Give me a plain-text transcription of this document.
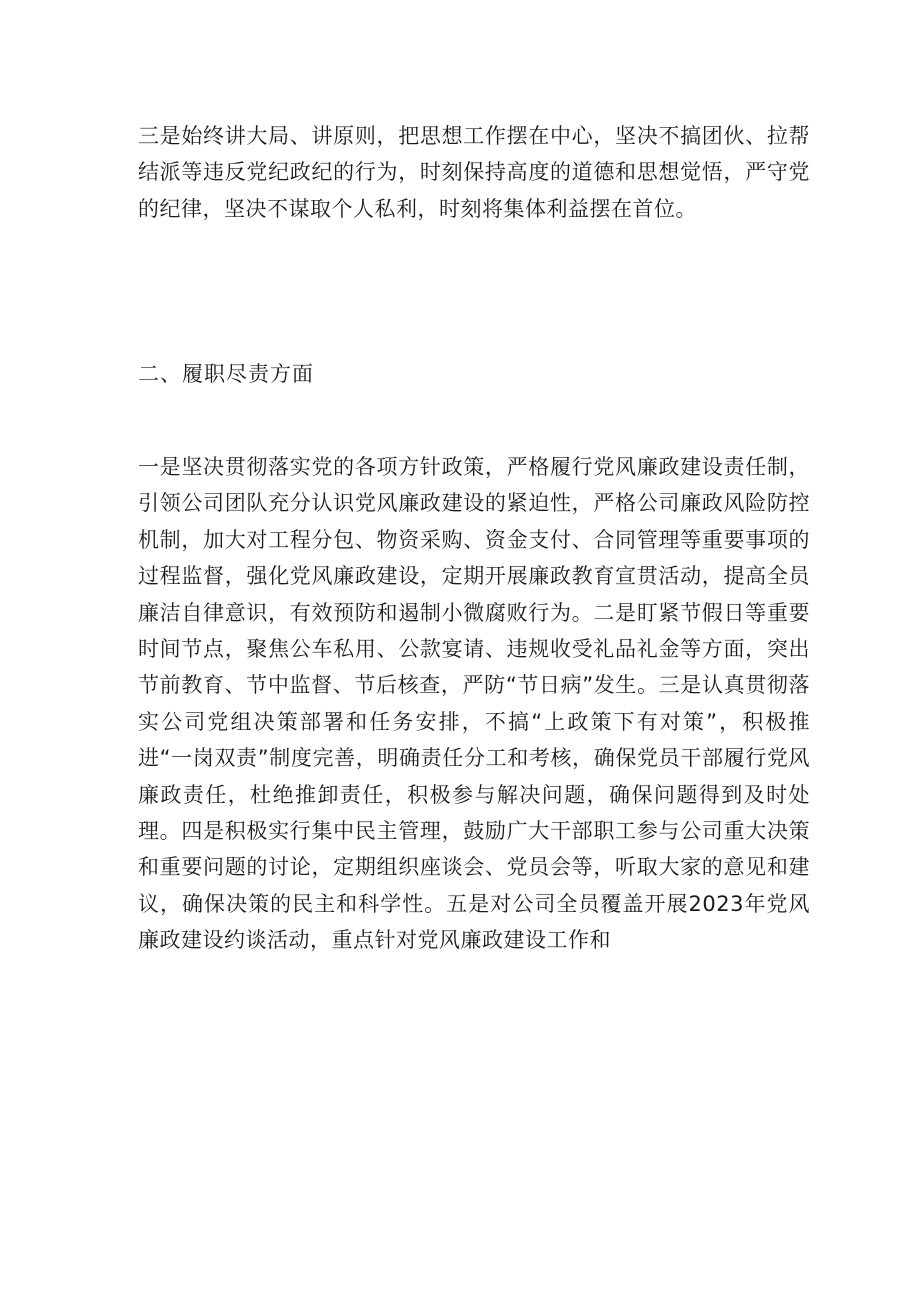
三是始终讲大局、讲原则，把思想工作摆在中心，坚决不搞团伙、拉帮结派等违反党纪政纪的行为，时刻保持高度的道德和思想觉悟，严守党的纪律，坚决不谋取个人私利，时刻将集体利益摆在首位。

二、履职尽责方面

一是坚决贯彻落实党的各项方针政策，严格履行党风廉政建设责任制，引领公司团队充分认识党风廉政建设的紧迫性，严格公司廉政风险防控机制，加大对工程分包、物资采购、资金支付、合同管理等重要事项的过程监督，强化党风廉政建设，定期开展廉政教育宣贯活动，提高全员廉洁自律意识，有效预防和遏制小微腐败行为。二是盯紧节假日等重要时间节点，聚焦公车私用、公款宴请、违规收受礼品礼金等方面，突出节前教育、节中监督、节后核查，严防“节日病”发生。三是认真贯彻落实公司党组决策部署和任务安排，不搞“上政策下有对策”，积极推进“一岗双责”制度完善，明确责任分工和考核，确保党员干部履行党风廉政责任，杜绝推卸责任，积极参与解决问题，确保问题得到及时处理。四是积极实行集中民主管理，鼓励广大干部职工参与公司重大决策和重要问题的讨论，定期组织座谈会、党员会等，听取大家的意见和建议，确保决策的民主和科学性。五是对公司全员覆盖开展2023年党风廉政建设约谈活动，重点针对党风廉政建设工作和
